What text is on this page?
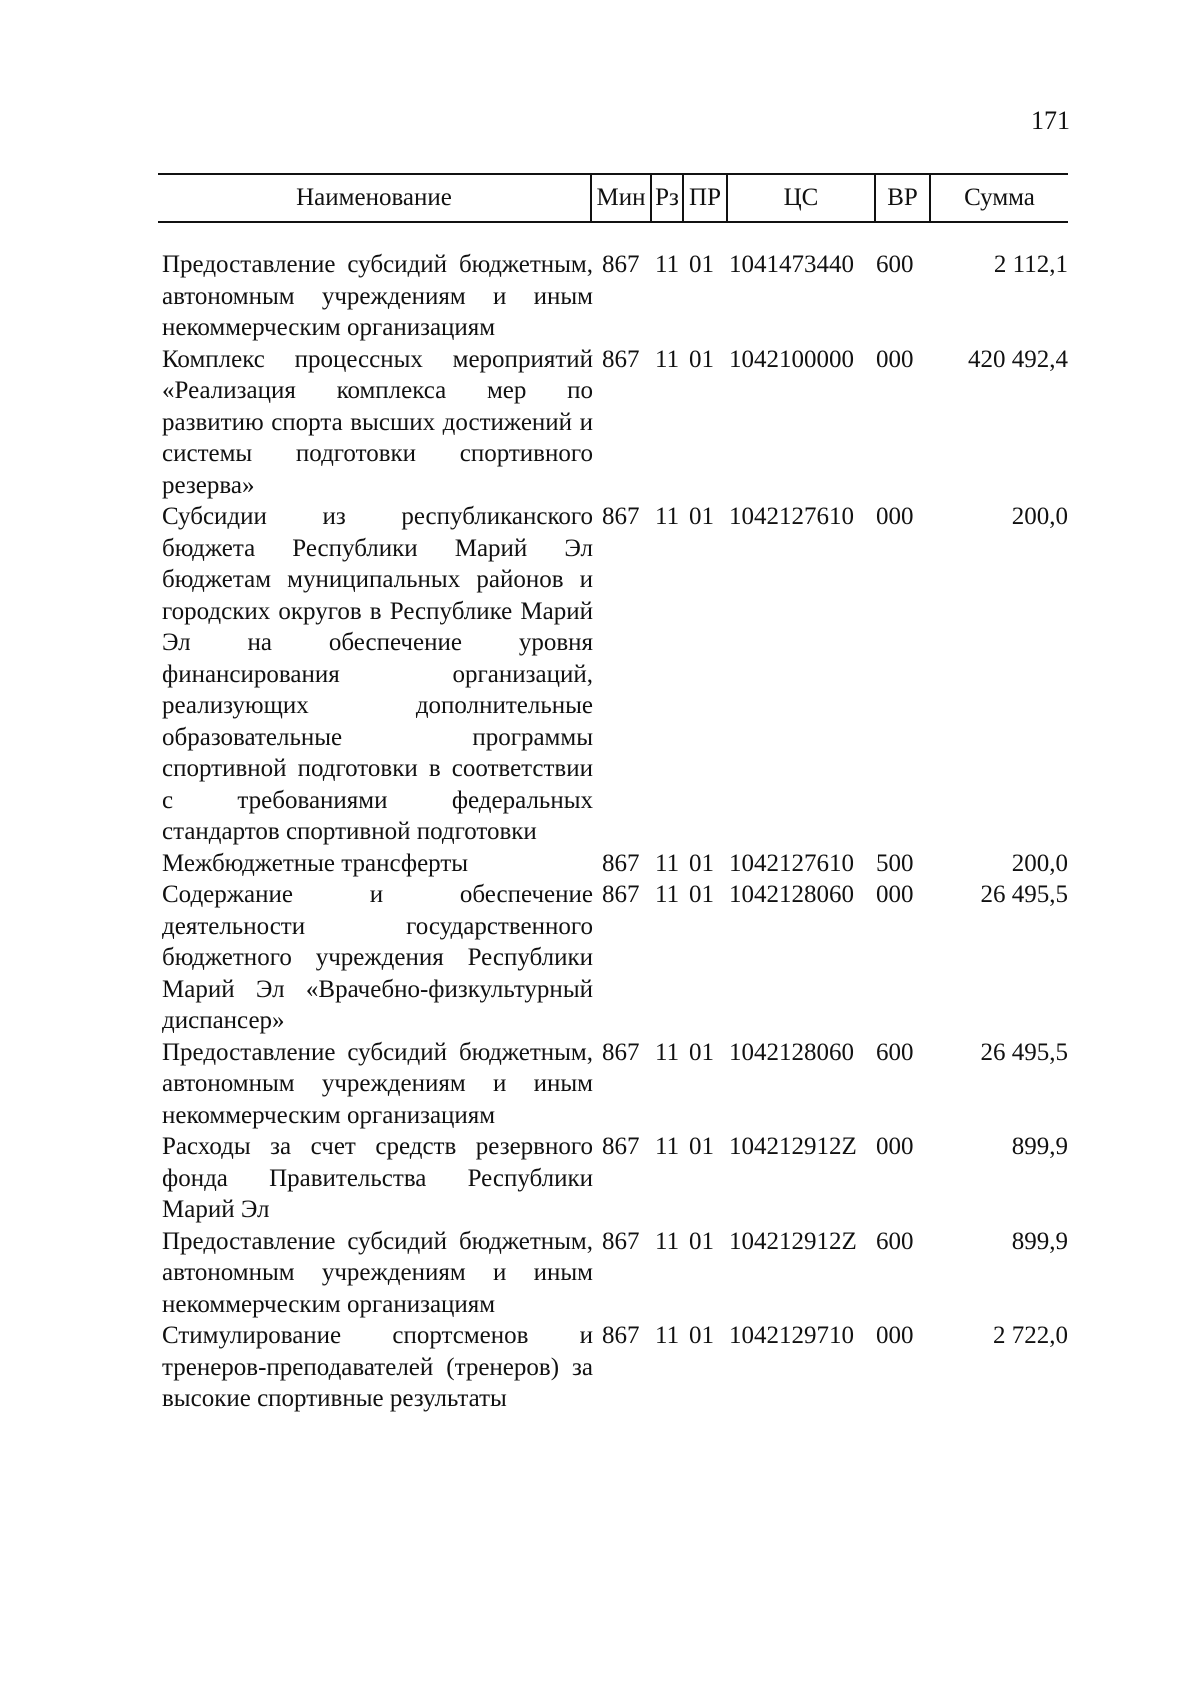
171
Наименование	Мин Рз ПР	ЦС	ВР	Сумма
Предоставление субсидий бюджетным, автономным учреждениям и иным некоммерческим организациям
867 11 01 1041473440 600	2 112,1
Комплекс процессных мероприятий «Реализация комплекса мер по развитию спорта высших достижений и системы подготовки спортивного резерва»
867 11 01 1042100000 000	420 492,4
Субсидии из республиканского бюджета Республики Марий Эл бюджетам муниципальных районов и городских округов в Республике Марий Эл на обеспечение уровня финансирования организаций, реализующих дополнительные образовательные программы спортивной подготовки в соответствии с требованиями федеральных стандартов спортивной подготовки
867 11 01 1042127610 000	200,0
Межбюджетные трансферты	867 11 01 1042127610 500	200,0
Содержание и обеспечение деятельности государственного бюджетного учреждения Республики Марий Эл «Врачебно-физкультурный диспансер»
867 11 01 1042128060 000	26 495,5
Предоставление субсидий бюджетным, автономным учреждениям и иным некоммерческим организациям
867 11 01 1042128060 600	26 495,5
Расходы за счет средств резервного фонда Правительства Республики Марий Эл
867 11 01 104212912Z 000	899,9
Предоставление субсидий бюджетным, автономным учреждениям и иным некоммерческим организациям
867 11 01 104212912Z 600	899,9
Стимулирование спортсменов и тренеров-преподавателей (тренеров) за высокие спортивные результаты
867 11 01 1042129710 000	2 722,0
